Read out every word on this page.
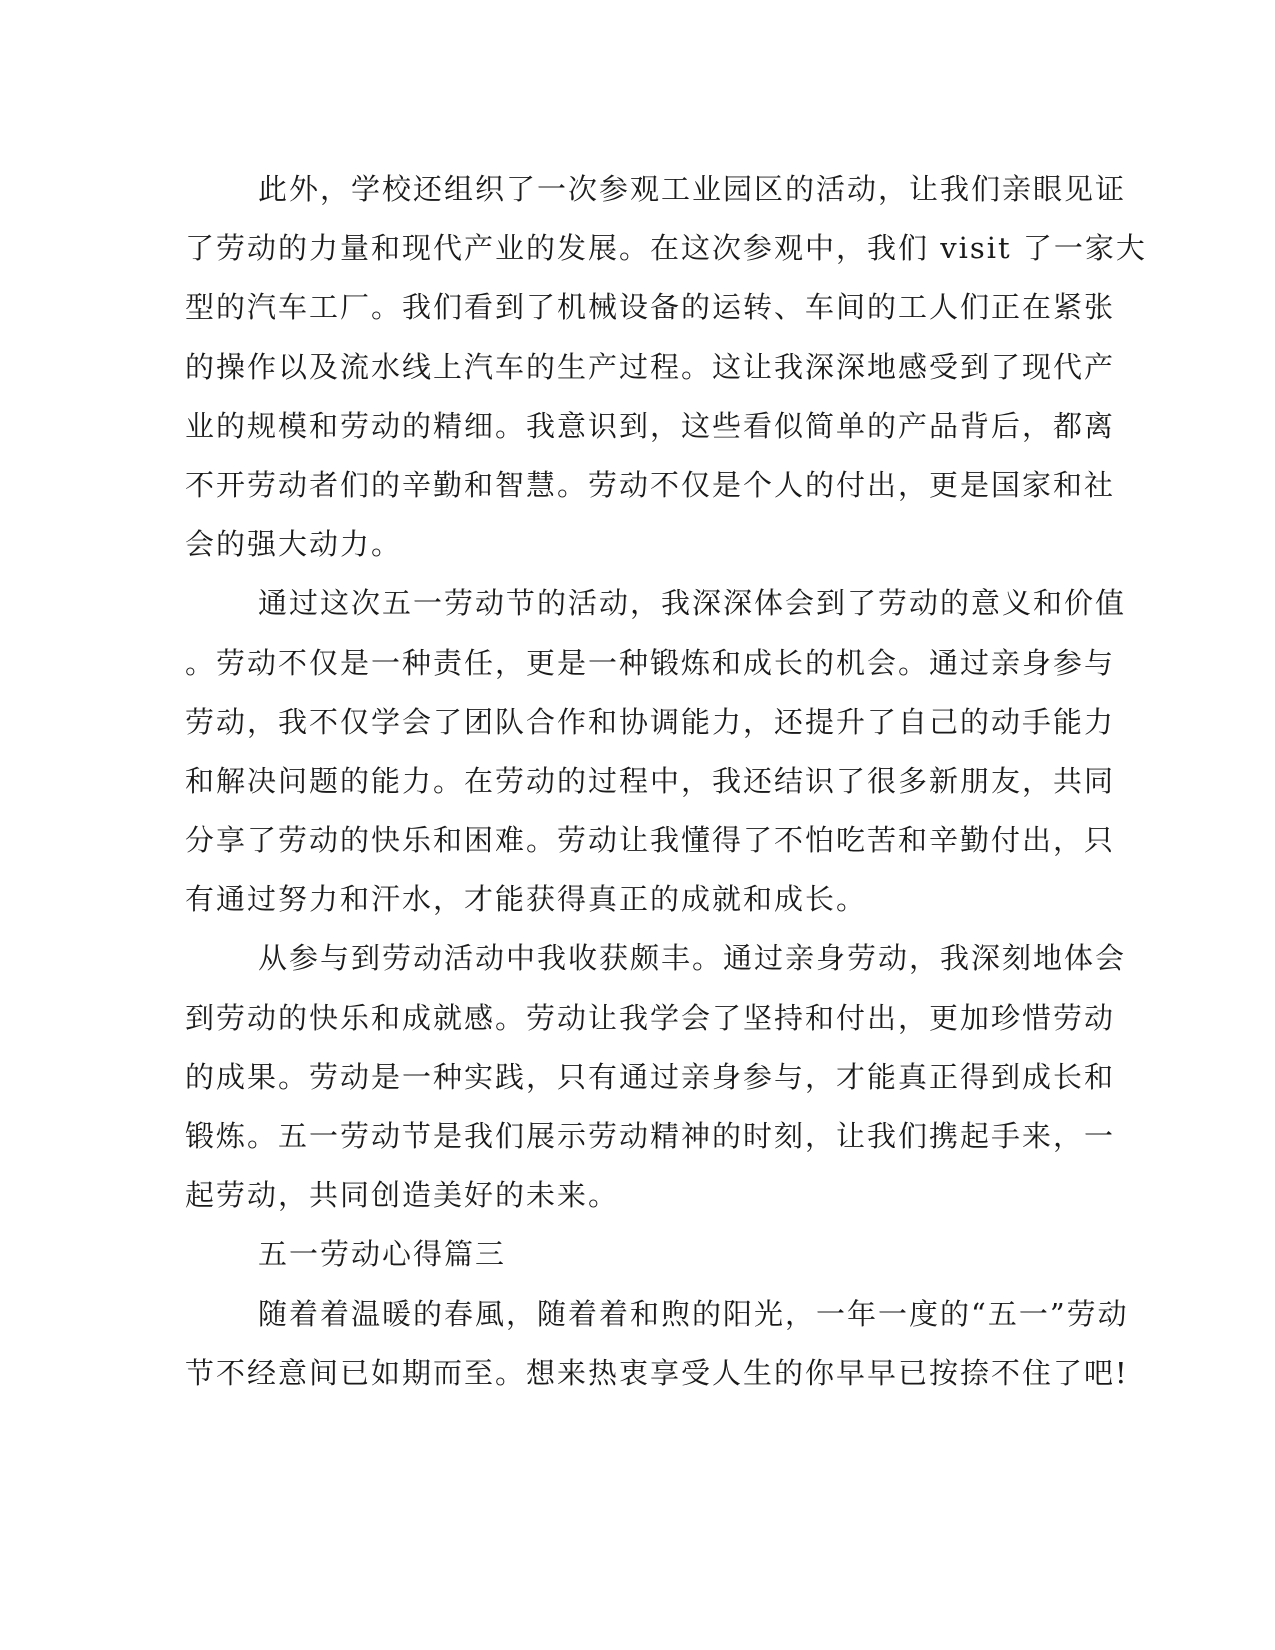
此外，学校还组织了一次参观工业园区的活动，让我们亲眼见证
了劳动的力量和现代产业的发展。在这次参观中，我们 visit 了一家大
型的汽车工厂。我们看到了机械设备的运转、车间的工人们正在紧张
的操作以及流水线上汽车的生产过程。这让我深深地感受到了现代产
业的规模和劳动的精细。我意识到，这些看似简单的产品背后，都离
不开劳动者们的辛勤和智慧。劳动不仅是个人的付出，更是国家和社
会的强大动力。
通过这次五一劳动节的活动，我深深体会到了劳动的意义和价值
。劳动不仅是一种责任，更是一种锻炼和成长的机会。通过亲身参与
劳动，我不仅学会了团队合作和协调能力，还提升了自己的动手能力
和解决问题的能力。在劳动的过程中，我还结识了很多新朋友，共同
分享了劳动的快乐和困难。劳动让我懂得了不怕吃苦和辛勤付出，只
有通过努力和汗水，才能获得真正的成就和成长。
从参与到劳动活动中我收获颇丰。通过亲身劳动，我深刻地体会
到劳动的快乐和成就感。劳动让我学会了坚持和付出，更加珍惜劳动
的成果。劳动是一种实践，只有通过亲身参与，才能真正得到成长和
锻炼。五一劳动节是我们展示劳动精神的时刻，让我们携起手来，一
起劳动，共同创造美好的未来。
五一劳动心得篇三
随着着温暖的春風，随着着和煦的阳光，一年一度的“五一”劳动
节不经意间已如期而至。想来热衷享受人生的你早早已按捺不住了吧!
